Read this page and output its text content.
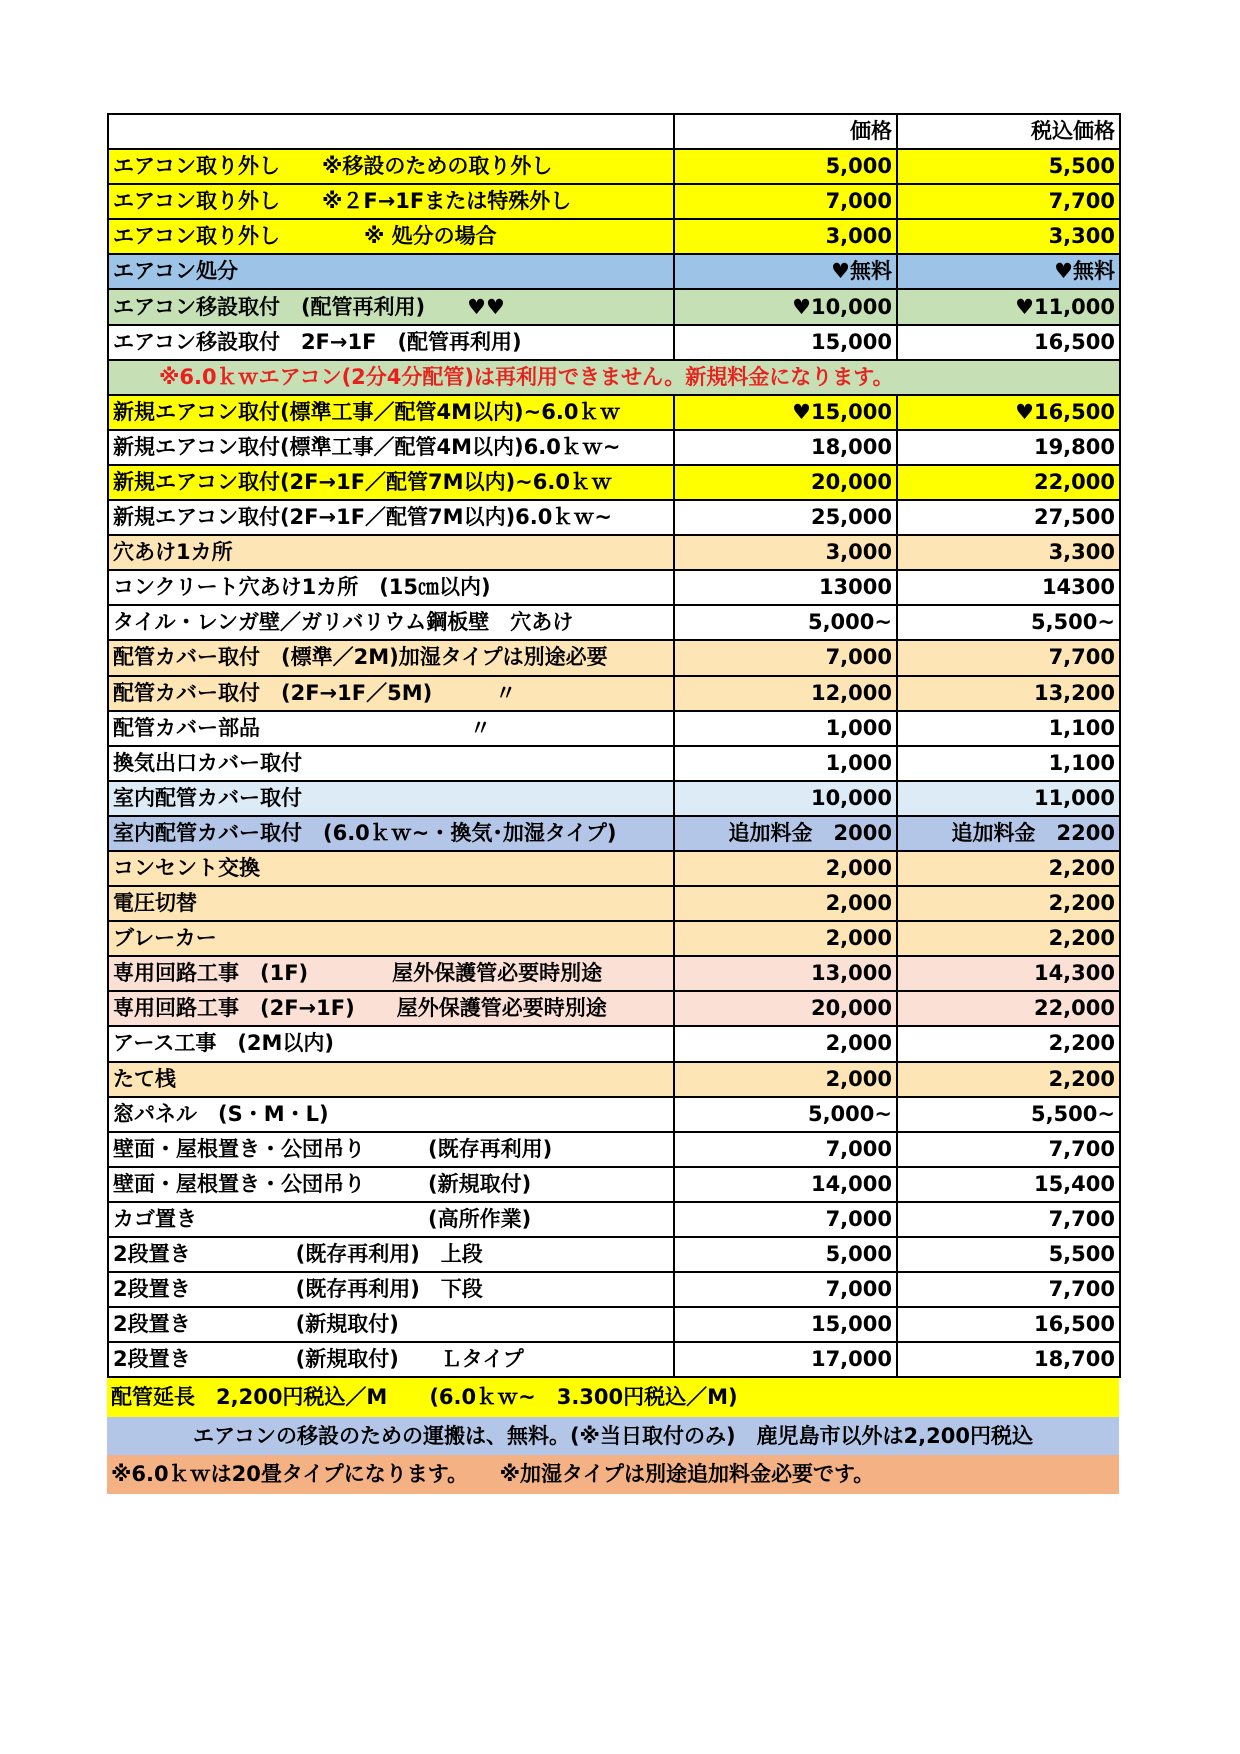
	価格	税込価格
エアコン取り外し　　※移設のための取り外し	5,000	5,500
エアコン取り外し　　※２F→1Fまたは特殊外し	7,000	7,700
エアコン取り外し　　　　※ 処分の場合	3,000	3,300
エアコン処分	♥無料	♥無料
エアコン移設取付　(配管再利用)　　♥♥	♥10,000	♥11,000
エアコン移設取付　2F→1F　(配管再利用)	15,000	16,500
※6.0ｋｗエアコン(2分4分配管)は再利用できません。新規料金になります。		
新規エアコン取付(標準工事／配管4M以内)~6.0ｋｗ	♥15,000	♥16,500
新規エアコン取付(標準工事／配管4M以内)6.0ｋｗ~	18,000	19,800
新規エアコン取付(2F→1F／配管7M以内)~6.0ｋｗ	20,000	22,000
新規エアコン取付(2F→1F／配管7M以内)6.0ｋｗ~	25,000	27,500
穴あけ1カ所	3,000	3,300
コンクリート穴あけ1カ所　(15㎝以内)	13000	14300
タイル・レンガ壁／ガリバリウム鋼板壁　穴あけ	5,000~	5,500~
配管カバー取付　(標準／2M)加湿タイプは別途必要	7,000	7,700
配管カバー取付　(2F→1F／5M)　　　〃	12,000	13,200
配管カバー部品　　　　　　　　　　〃	1,000	1,100
換気出口カバー取付	1,000	1,100
室内配管カバー取付	10,000	11,000
室内配管カバー取付　(6.0ｋｗ~・換気･加湿タイプ)	追加料金　2000	追加料金　2200
コンセント交換	2,000	2,200
電圧切替	2,000	2,200
ブレーカー	2,000	2,200
専用回路工事　(1F)　　　　屋外保護管必要時別途	13,000	14,300
専用回路工事　(2F→1F)　　屋外保護管必要時別途	20,000	22,000
アース工事　(2M以内)	2,000	2,200
たて桟	2,000	2,200
窓パネル　(S・M・L)	5,000~	5,500~
壁面・屋根置き・公団吊り　　　(既存再利用)	7,000	7,700
壁面・屋根置き・公団吊り　　　(新規取付)	14,000	15,400
カゴ置き　　　　　　　　　　　(高所作業)	7,000	7,700
2段置き　　　　　(既存再利用)　上段	5,000	5,500
2段置き　　　　　(既存再利用)　下段	7,000	7,700
2段置き　　　　　(新規取付)	15,000	16,500
2段置き　　　　　(新規取付)　　Ｌタイプ	17,000	18,700
配管延長　2,200円税込／M　　(6.0ｋｗ~　3.300円税込／M)
エアコンの移設のための運搬は、無料。(※当日取付のみ)　鹿児島市以外は2,200円税込
※6.0ｋｗは20畳タイプになります。　　※加湿タイプは別途追加料金必要です。
